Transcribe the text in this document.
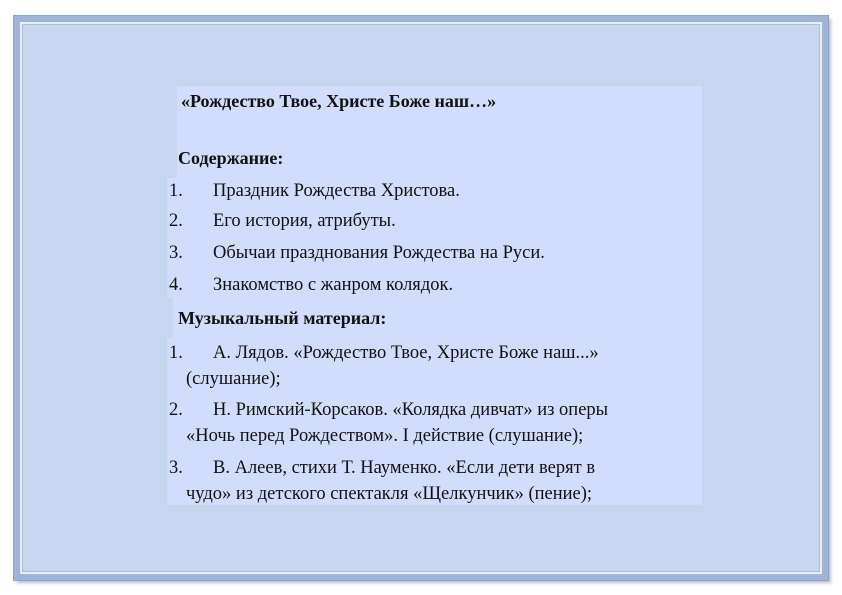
«Рождество Твое, Христе Боже наш…»
Содержание:
1. Праздник Рождества Христова.
2. Его история, атрибуты.
3. Обычаи празднования Рождества на Руси.
4. Знакомство с жанром колядок.
Музыкальный материал:
1. А. Лядов. «Рождество Твое, Христе Боже наш...»
(слушание);
2. Н. Римский-Корсаков. «Колядка дивчат» из оперы
«Ночь перед Рождеством». I действие (слушание);
3. В. Алеев, стихи Т. Науменко. «Если дети верят в
чудо» из детского спектакля «Щелкунчик» (пение);
